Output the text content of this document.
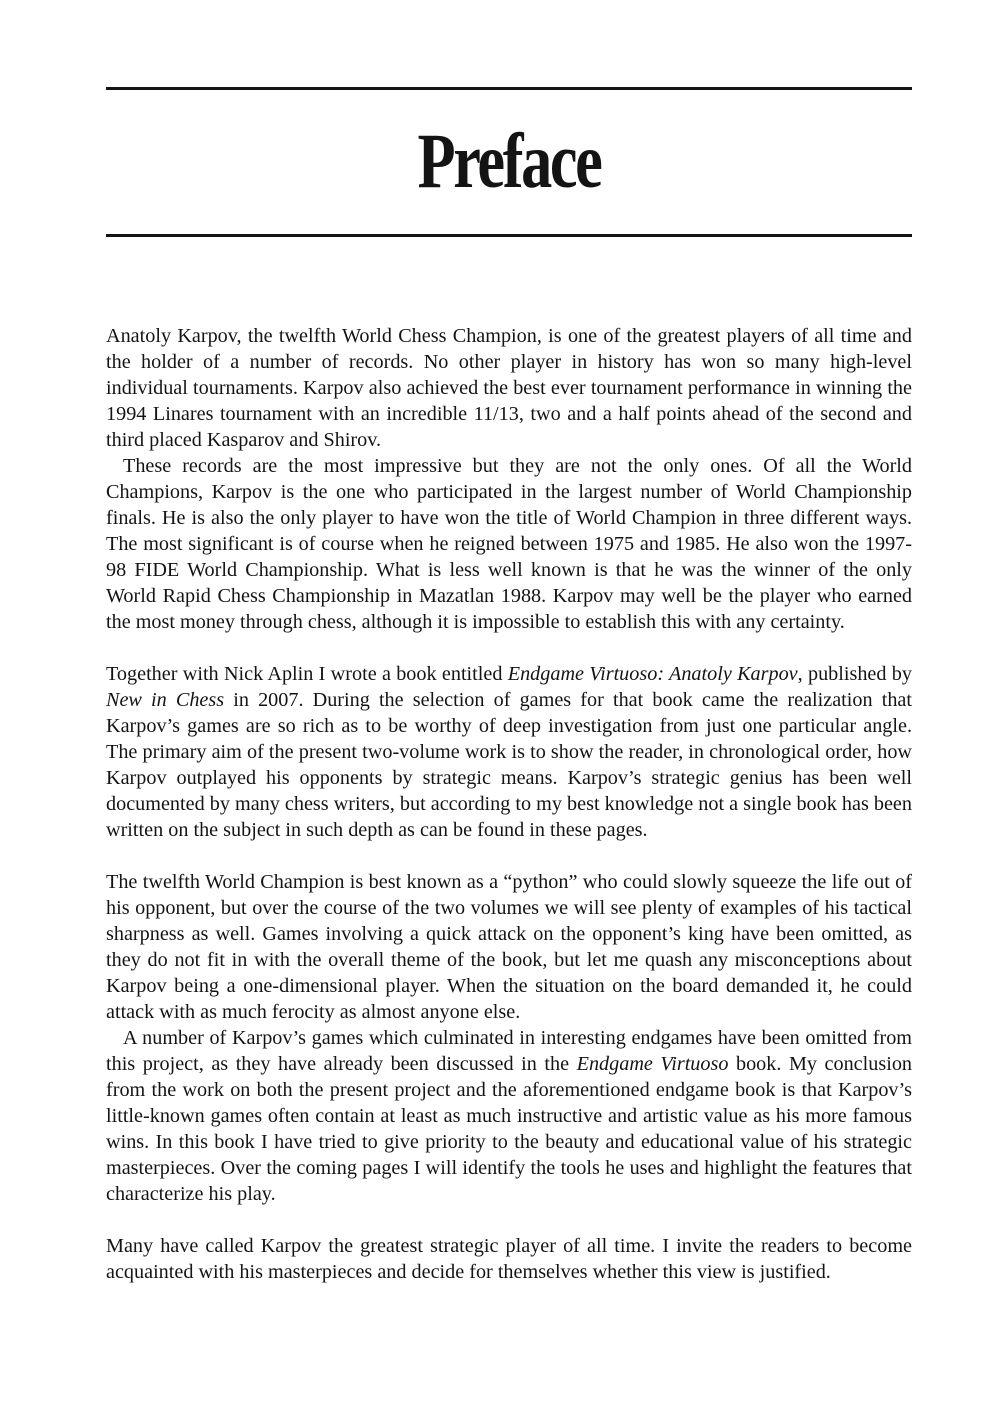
Preface

Anatoly Karpov, the twelfth World Chess Champion, is one of the greatest players of all time and the holder of a number of records. No other player in history has won so many high-level individual tournaments. Karpov also achieved the best ever tournament performance in winning the 1994 Linares tournament with an incredible 11/13, two and a half points ahead of the second and third placed Kasparov and Shirov.

These records are the most impressive but they are not the only ones. Of all the World Champions, Karpov is the one who participated in the largest number of World Championship finals. He is also the only player to have won the title of World Champion in three different ways. The most significant is of course when he reigned between 1975 and 1985. He also won the 1997-98 FIDE World Championship. What is less well known is that he was the winner of the only World Rapid Chess Championship in Mazatlan 1988. Karpov may well be the player who earned the most money through chess, although it is impossible to establish this with any certainty.

Together with Nick Aplin I wrote a book entitled Endgame Virtuoso: Anatoly Karpov, published by New in Chess in 2007. During the selection of games for that book came the realization that Karpov’s games are so rich as to be worthy of deep investigation from just one particular angle. The primary aim of the present two-volume work is to show the reader, in chronological order, how Karpov outplayed his opponents by strategic means. Karpov’s strategic genius has been well documented by many chess writers, but according to my best knowledge not a single book has been written on the subject in such depth as can be found in these pages.

The twelfth World Champion is best known as a “python” who could slowly squeeze the life out of his opponent, but over the course of the two volumes we will see plenty of examples of his tactical sharpness as well. Games involving a quick attack on the opponent’s king have been omitted, as they do not fit in with the overall theme of the book, but let me quash any misconceptions about Karpov being a one-dimensional player. When the situation on the board demanded it, he could attack with as much ferocity as almost anyone else.

A number of Karpov’s games which culminated in interesting endgames have been omitted from this project, as they have already been discussed in the Endgame Virtuoso book. My conclusion from the work on both the present project and the aforementioned endgame book is that Karpov’s little-known games often contain at least as much instructive and artistic value as his more famous wins. In this book I have tried to give priority to the beauty and educational value of his strategic masterpieces. Over the coming pages I will identify the tools he uses and highlight the features that characterize his play.

Many have called Karpov the greatest strategic player of all time. I invite the readers to become acquainted with his masterpieces and decide for themselves whether this view is justified.
